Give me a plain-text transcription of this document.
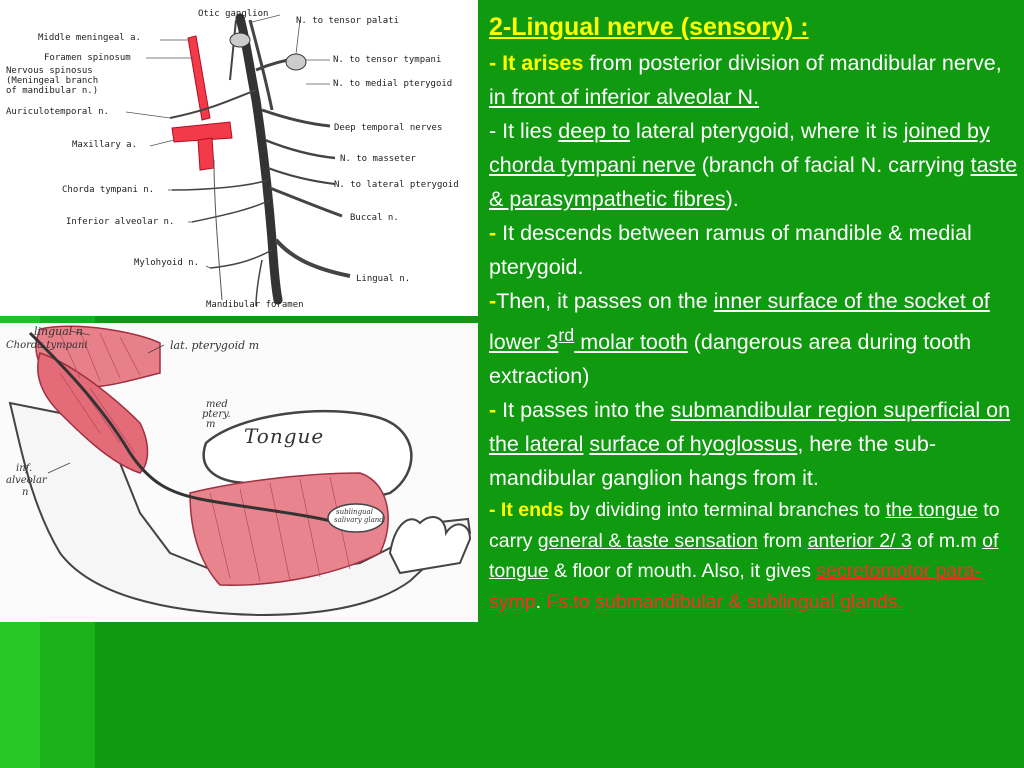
Otic ganglion
N. to tensor palati
Middle meningeal a.
Foramen spinosum	N. to tensor tympani
Nervous spinosus
(Meningeal branch
of mandibular n.)
N. to medial pterygoid
Auriculotemporal n.
Deep temporal nerves
Maxillary a.
N. to masseter
N. to lateral pterygoid
Chorda tympani n.
Buccal n.
Inferior alveolar n.
Mylohyoid n.
Lingual n.
Mandibular foramen
lingual n
Chorda tympani	lat. pterygoid m
med
ptery.
m Tongue
inf.
alveolar
n
sublingual
salivary gland

2-Lingual nerve (sensory) :

- It arises from posterior division of mandibular nerve, in front of inferior alveolar N.

- It lies deep to lateral pterygoid, where it is joined by chorda tympani nerve (branch of facial N. carrying taste & parasympathetic fibres).

- It descends between ramus of mandible & medial pterygoid.

-Then, it passes on the inner surface of the socket of lower 3rd molar tooth (dangerous area during tooth extraction)

- It passes into the submandibular region superficial on the lateral surface of hyoglossus, here the sub-mandibular ganglion hangs from it.

- It ends by dividing into terminal branches to the tongue to carry general & taste sensation from anterior 2/ 3 of m.m of tongue & floor of mouth. Also, it gives secretomotor para-symp. Fs.to submandibular & sublingual glands.
